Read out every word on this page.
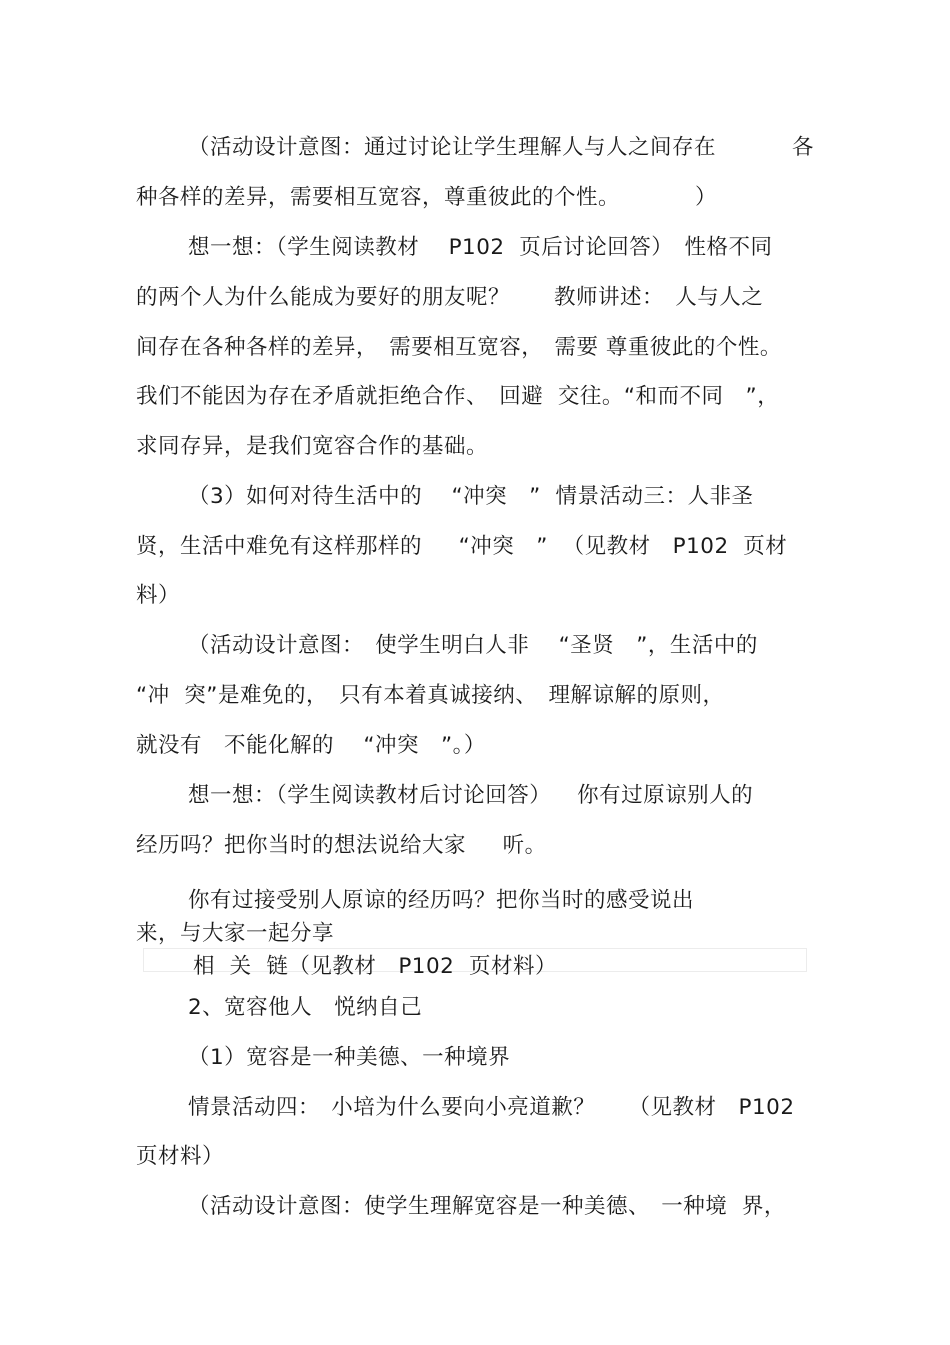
（活动设计意图：通过讨论让学生理解人与人之间存在	各
种各样的差异，需要相互宽容，尊重彼此的个性。	）
想一想：（学生阅读教材　 P102  页后讨论回答）　性格不同
的两个人为什么能成为要好的朋友呢？　　教师讲述：　人与人之
间存在各种各样的差异，　需要相互宽容，　需要 尊重彼此的个性。
我们不能因为存在矛盾就拒绝合作、　回避  交往。“和而不同　”，
求同存异，是我们宽容合作的基础。
（3）如何对待生活中的　 “冲突　”  情景活动三：人非圣
贤，生活中难免有这样那样的　  “冲突　”  （见教材　P102  页材
料）
（活动设计意图：　使学生明白人非　 “圣贤　”，生活中的
“冲  突”是难免的，　只有本着真诚接纳、　理解谅解的原则，
就没有   不能化解的　 “冲突　”。）
想一想：（学生阅读教材后讨论回答）　  你有过原谅别人的
经历吗？把你当时的想法说给大家　  听。
你有过接受别人原谅的经历吗？把你当时的感受说出
来，与大家一起分享
相  关  链（见教材　P102  页材料）
2、宽容他人　悦纳自己
（1）宽容是一种美德、一种境界
情景活动四：　小培为什么要向小亮道歉？　　（见教材　P102
页材料）
（活动设计意图：使学生理解宽容是一种美德、　一种境  界，
